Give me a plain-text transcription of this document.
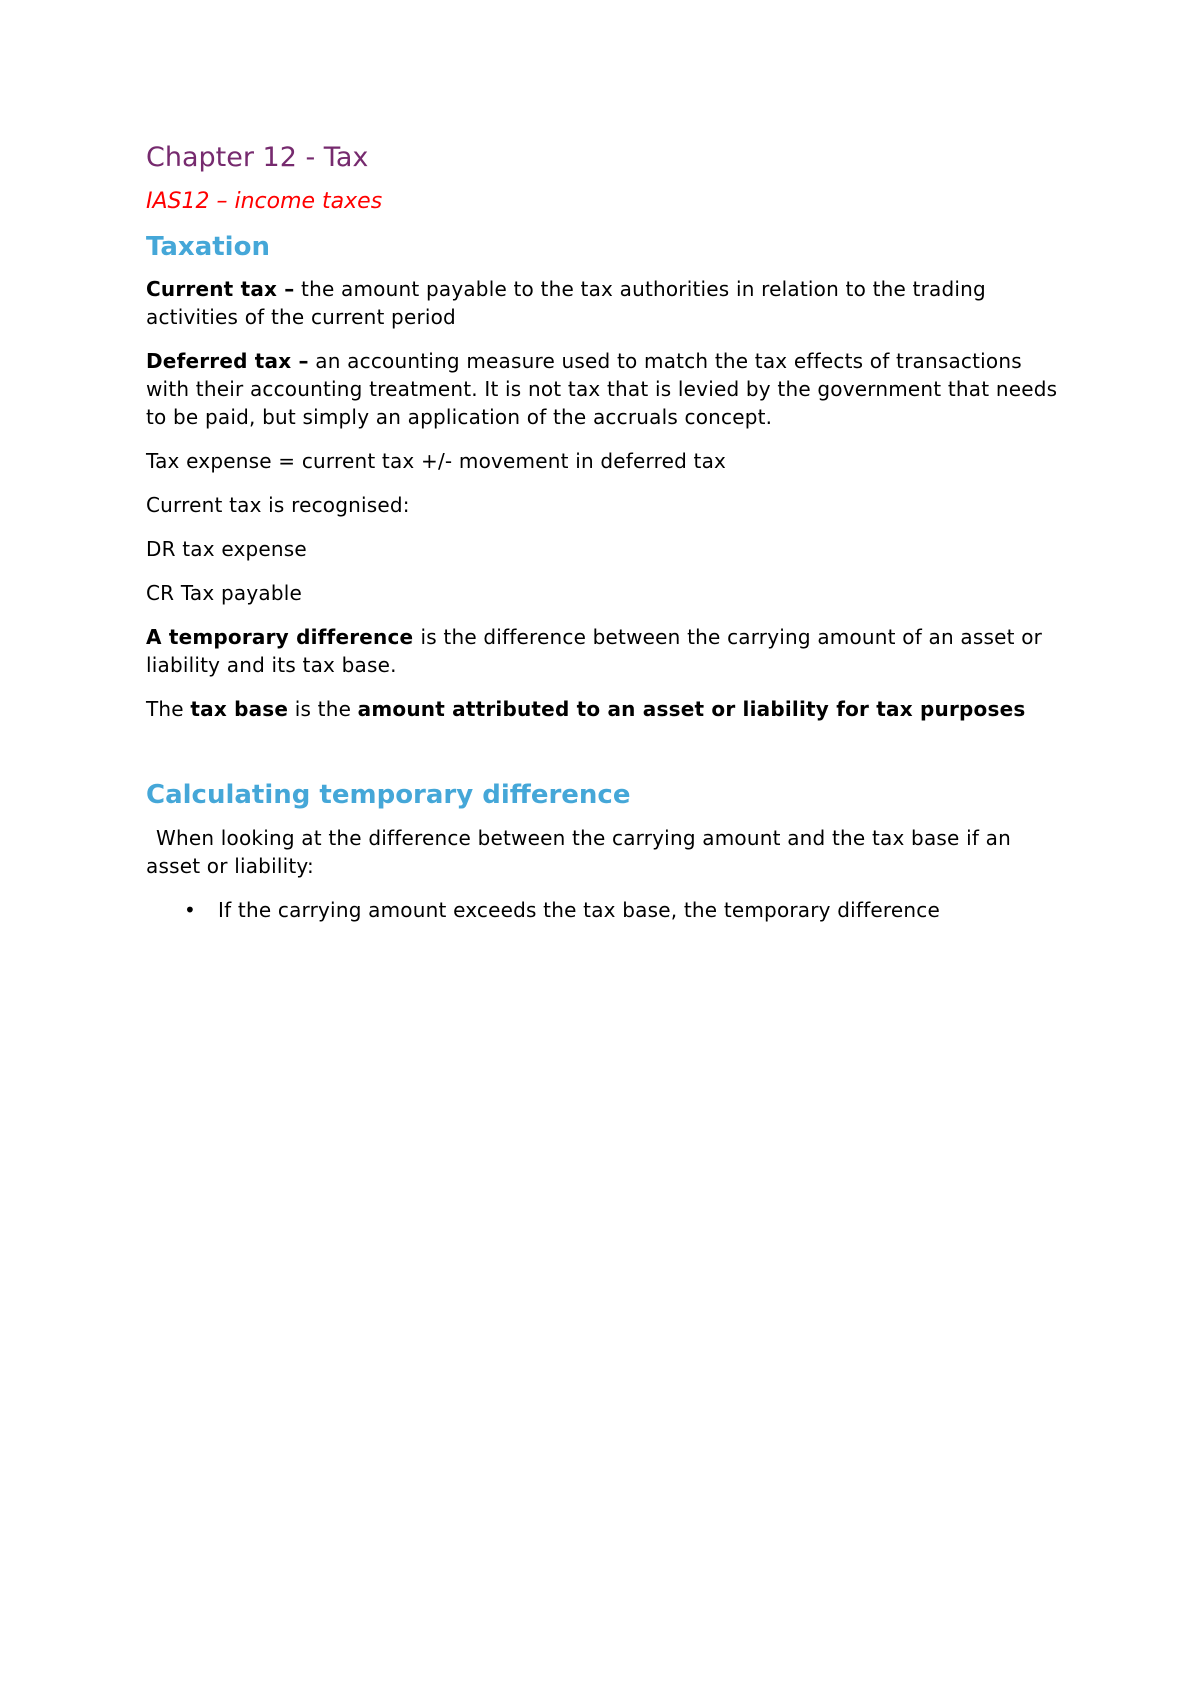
Chapter 12 - Tax
IAS12 – income taxes
Taxation

Current tax – the amount payable to the tax authorities in relation to the trading activities of the current period

Deferred tax – an accounting measure used to match the tax effects of transactions with their accounting treatment. It is not tax that is levied by the government that needs to be paid, but simply an application of the accruals concept.

Tax expense = current tax +/- movement in deferred tax

Current tax is recognised:

DR tax expense

CR Tax payable

A temporary difference is the difference between the carrying amount of an asset or liability and its tax base.

The tax base is the amount attributed to an asset or liability for tax purposes

Calculating temporary difference

When looking at the difference between the carrying amount and the tax base if an asset or liability:

• If the carrying amount exceeds the tax base, the temporary difference
